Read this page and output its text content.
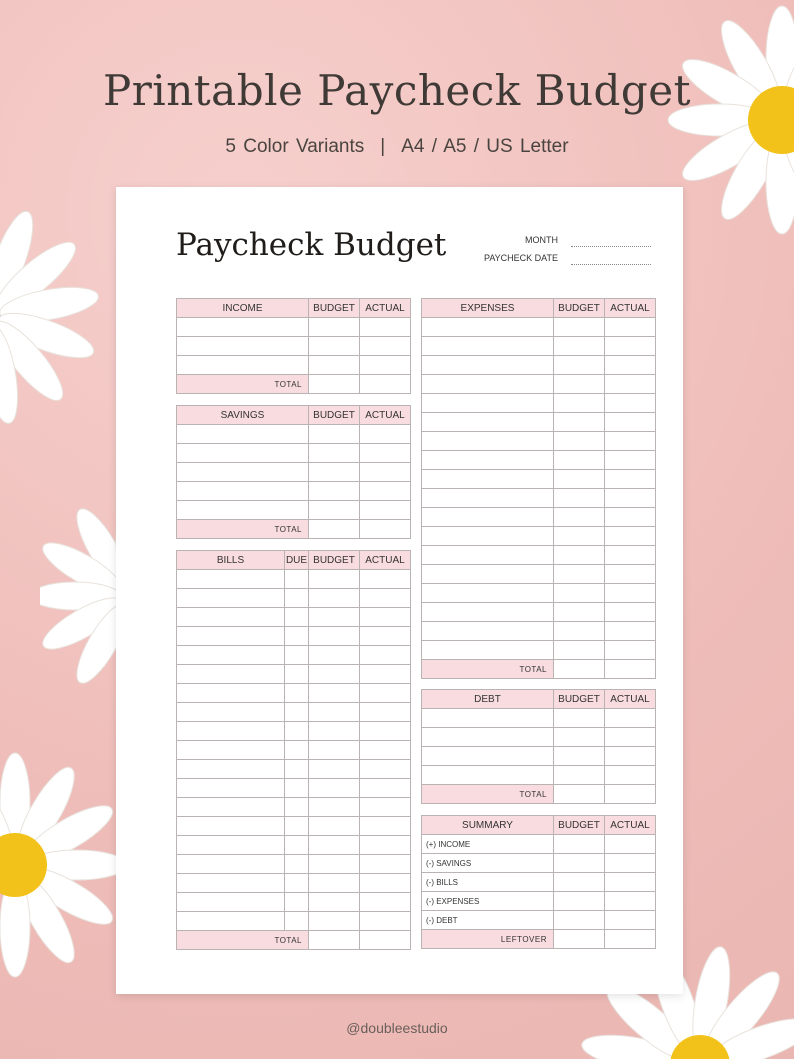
Printable Paycheck Budget
5 Color Variants | A4 / A5 / US Letter
Paycheck Budget	MONTH
PAYCHECK DATE
INCOME	BUDGET	ACTUAL

TOTAL		
SAVINGS	BUDGET	ACTUAL

TOTAL		
BILLS	DUE	BUDGET	ACTUAL

TOTAL			
EXPENSES	BUDGET	ACTUAL

TOTAL		
DEBT	BUDGET	ACTUAL

TOTAL		
SUMMARY	BUDGET	ACTUAL
(+) INCOME		
(-) SAVINGS		
(-) BILLS		
(-) EXPENSES		
(-) DEBT		
LEFTOVER		
@doubleestudio
